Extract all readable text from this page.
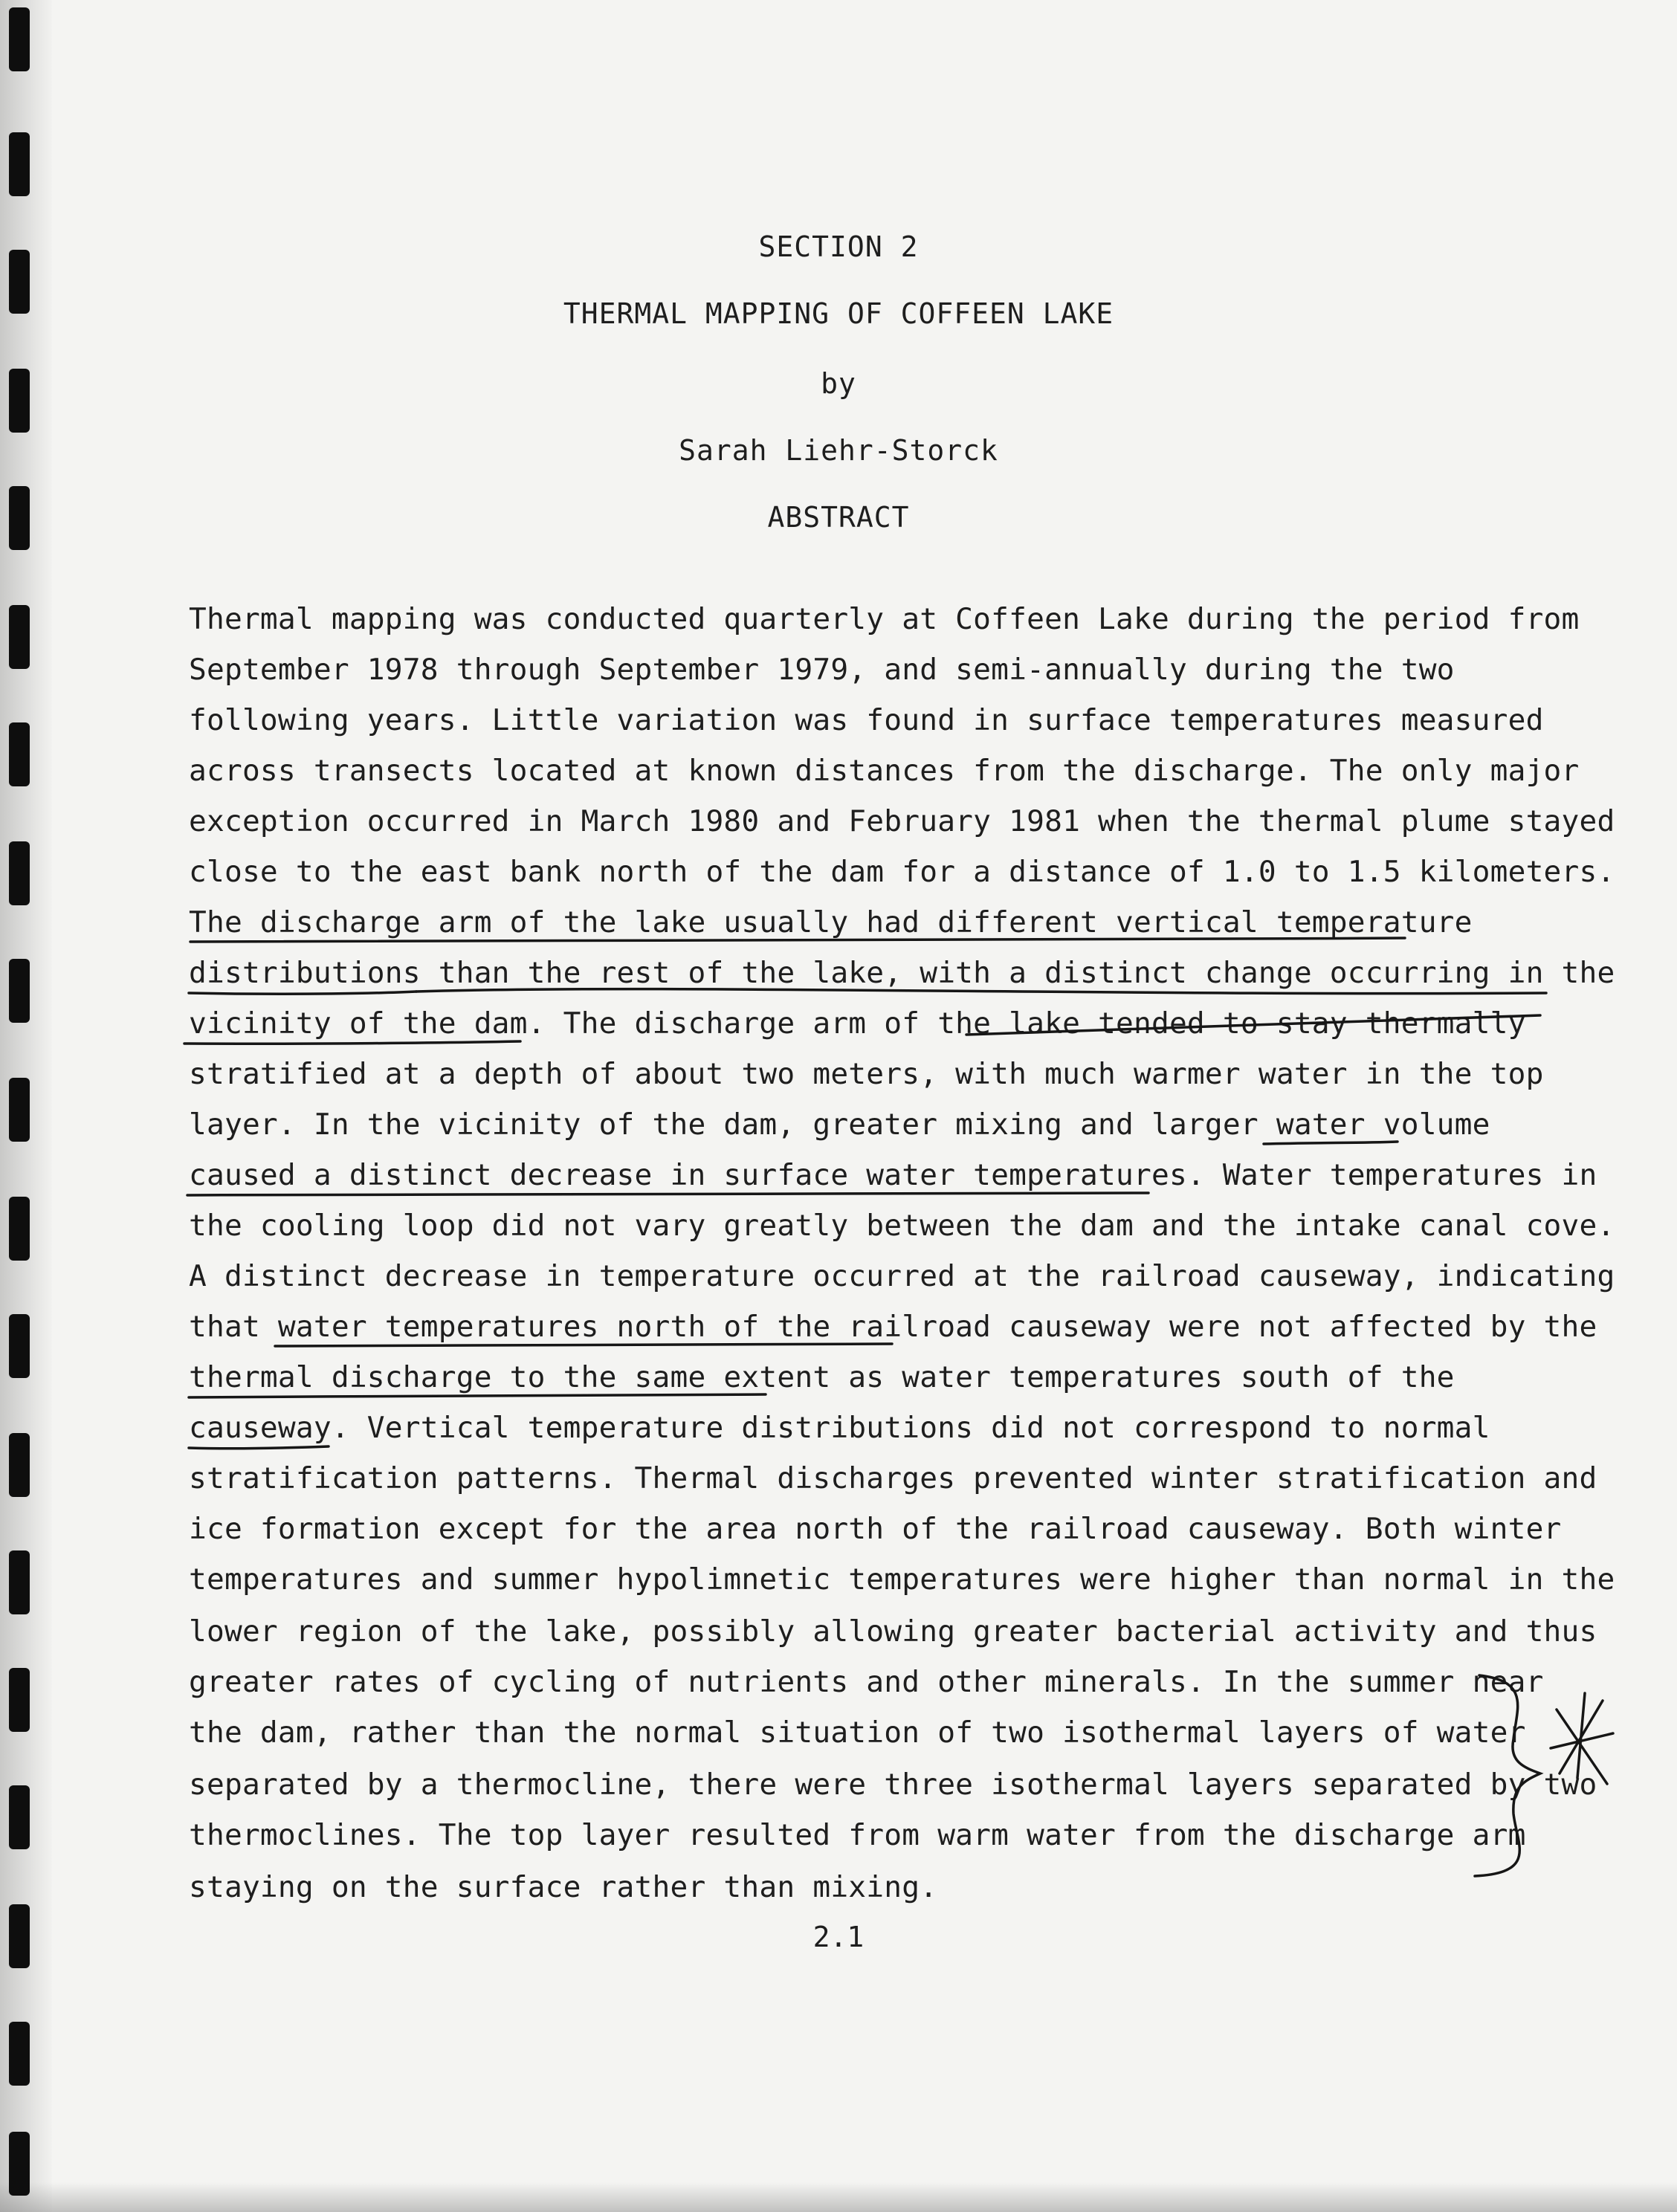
SECTION 2
THERMAL MAPPING OF COFFEEN LAKE
by
Sarah Liehr-Storck
ABSTRACT
Thermal mapping was conducted quarterly at Coffeen Lake during the period from
September 1978 through September 1979, and semi-annually during the two
following years. Little variation was found in surface temperatures measured
across transects located at known distances from the discharge. The only major
exception occurred in March 1980 and February 1981 when the thermal plume stayed
close to the east bank north of the dam for a distance of 1.0 to 1.5 kilometers.
The discharge arm of the lake usually had different vertical temperature
distributions than the rest of the lake, with a distinct change occurring in the
vicinity of the dam. The discharge arm of the lake tended to stay thermally
stratified at a depth of about two meters, with much warmer water in the top
layer. In the vicinity of the dam, greater mixing and larger water volume
caused a distinct decrease in surface water temperatures. Water temperatures in
the cooling loop did not vary greatly between the dam and the intake canal cove.
A distinct decrease in temperature occurred at the railroad causeway, indicating
that water temperatures north of the railroad causeway were not affected by the
thermal discharge to the same extent as water temperatures south of the
causeway. Vertical temperature distributions did not correspond to normal
stratification patterns. Thermal discharges prevented winter stratification and
ice formation except for the area north of the railroad causeway. Both winter
temperatures and summer hypolimnetic temperatures were higher than normal in the
lower region of the lake, possibly allowing greater bacterial activity and thus
greater rates of cycling of nutrients and other minerals. In the summer near
the dam, rather than the normal situation of two isothermal layers of water
separated by a thermocline, there were three isothermal layers separated by two
thermoclines. The top layer resulted from warm water from the discharge arm
staying on the surface rather than mixing.
2.1
